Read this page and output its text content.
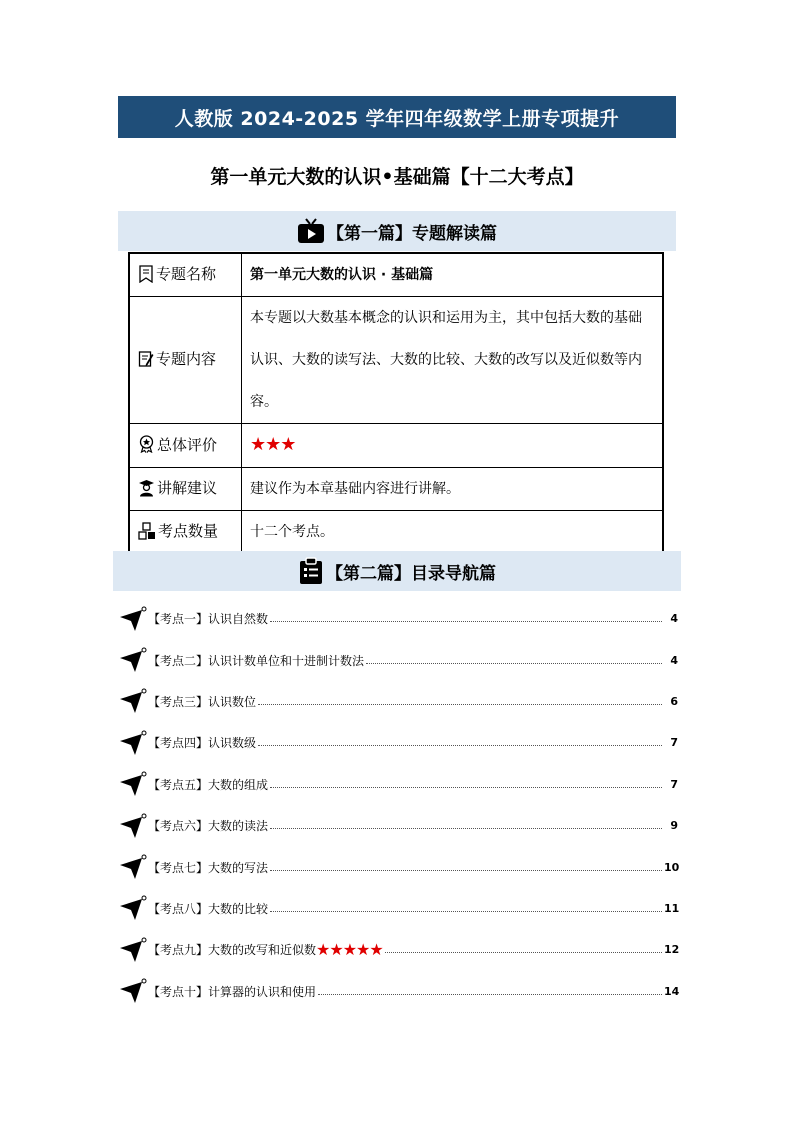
人教版 2024-2025 学年四年级数学上册专项提升
第一单元大数的认识•基础篇【十二大考点】
【第一篇】专题解读篇
专题名称	第一单元大数的认识 · 基础篇

专题内容	本专题以大数基本概念的认识和运用为主，其中包括大数的基础认识、大数的读写法、大数的比较、大数的改写以及近似数等内容。

总体评价	★★★

讲解建议	建议作为本章基础内容进行讲解。

考点数量	十二个考点。
【第二篇】目录导航篇
【考点一】认识自然数	4
【考点二】认识计数单位和十进制计数法	4
【考点三】认识数位	6
【考点四】认识数级	7
【考点五】大数的组成	7
【考点六】大数的读法	9
【考点七】大数的写法	10
【考点八】大数的比较	11
【考点九】大数的改写和近似数 ★★★★★	12
【考点十】计算器的认识和使用	14
